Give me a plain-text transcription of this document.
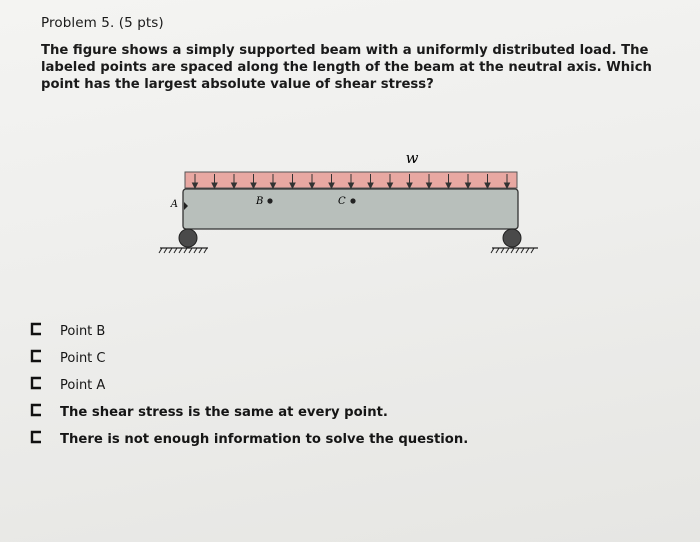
Problem 5. (5 pts)
The figure shows a simply supported beam with a uniformly distributed load. The labeled points are spaced along the length of the beam at the neutral axis. Which point has the largest absolute value of shear stress?
w
A	B	C
Point B
Point C
Point A
The shear stress is the same at every point.
There is not enough information to solve the question.
